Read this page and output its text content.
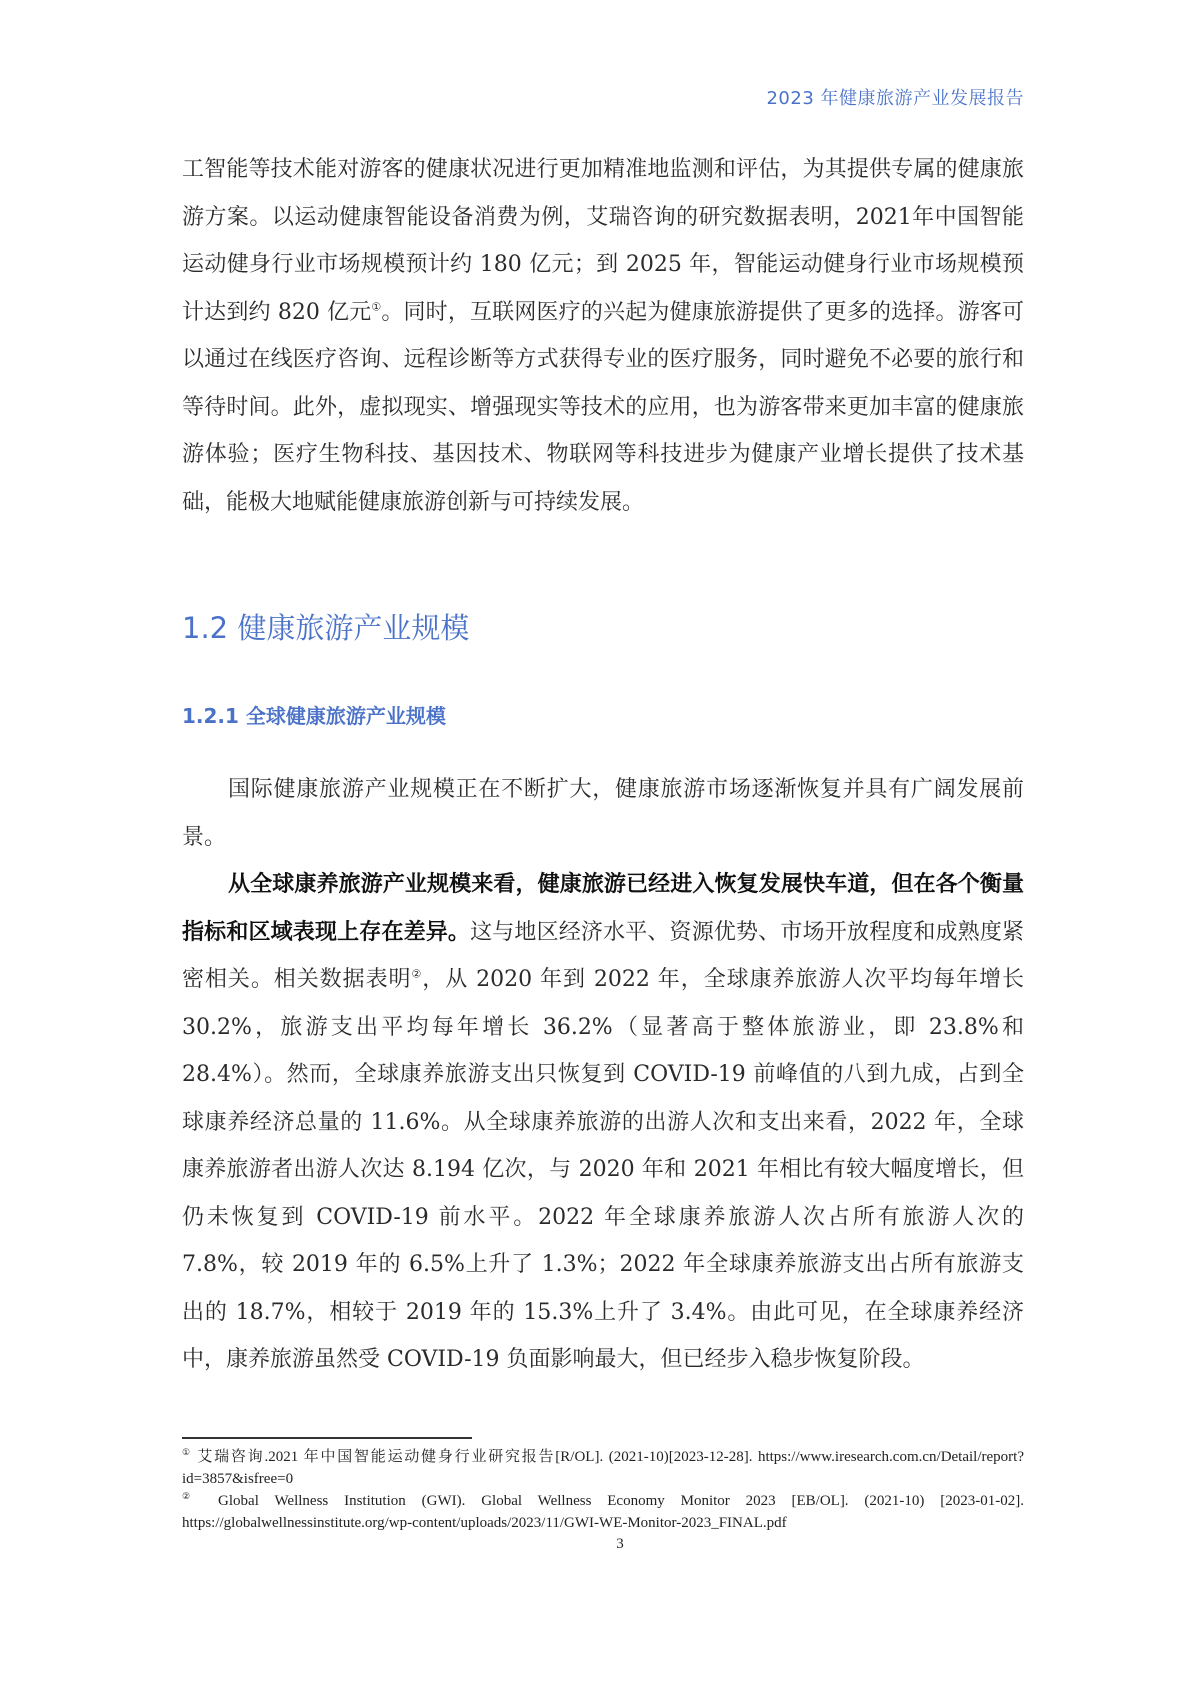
2023 年健康旅游产业发展报告
工智能等技术能对游客的健康状况进行更加精准地监测和评估，为其提供专属的健康旅游方案。以运动健康智能设备消费为例，艾瑞咨询的研究数据表明，2021年中国智能运动健身行业市场规模预计约 180 亿元；到 2025 年，智能运动健身行业市场规模预计达到约 820 亿元①。同时，互联网医疗的兴起为健康旅游提供了更多的选择。游客可以通过在线医疗咨询、远程诊断等方式获得专业的医疗服务，同时避免不必要的旅行和等待时间。此外，虚拟现实、增强现实等技术的应用，也为游客带来更加丰富的健康旅游体验；医疗生物科技、基因技术、物联网等科技进步为健康产业增长提供了技术基础，能极大地赋能健康旅游创新与可持续发展。
1.2 健康旅游产业规模
1.2.1 全球健康旅游产业规模
国际健康旅游产业规模正在不断扩大，健康旅游市场逐渐恢复并具有广阔发展前景。
从全球康养旅游产业规模来看，健康旅游已经进入恢复发展快车道，但在各个衡量指标和区域表现上存在差异。这与地区经济水平、资源优势、市场开放程度和成熟度紧密相关。相关数据表明②，从 2020 年到 2022 年，全球康养旅游人次平均每年增长 30.2%，旅游支出平均每年增长 36.2%（显著高于整体旅游业，即 23.8%和 28.4%）。然而，全球康养旅游支出只恢复到 COVID-19 前峰值的八到九成，占到全球康养经济总量的 11.6%。从全球康养旅游的出游人次和支出来看，2022 年，全球康养旅游者出游人次达 8.194 亿次，与 2020 年和 2021 年相比有较大幅度增长，但仍未恢复到 COVID-19 前水平。2022 年全球康养旅游人次占所有旅游人次的 7.8%，较 2019 年的 6.5%上升了 1.3%；2022 年全球康养旅游支出占所有旅游支出的 18.7%，相较于 2019 年的 15.3%上升了 3.4%。由此可见，在全球康养经济中，康养旅游虽然受 COVID-19 负面影响最大，但已经步入稳步恢复阶段。
① 艾瑞咨询.2021 年中国智能运动健身行业研究报告[R/OL]. (2021-10)[2023-12-28]. https://www.iresearch.com.cn/Detail/report?id=3857&isfree=0
② Global Wellness Institution (GWI). Global Wellness Economy Monitor 2023 [EB/OL]. (2021-10) [2023-01-02]. https://globalwellnessinstitute.org/wp-content/uploads/2023/11/GWI-WE-Monitor-2023_FINAL.pdf
3
